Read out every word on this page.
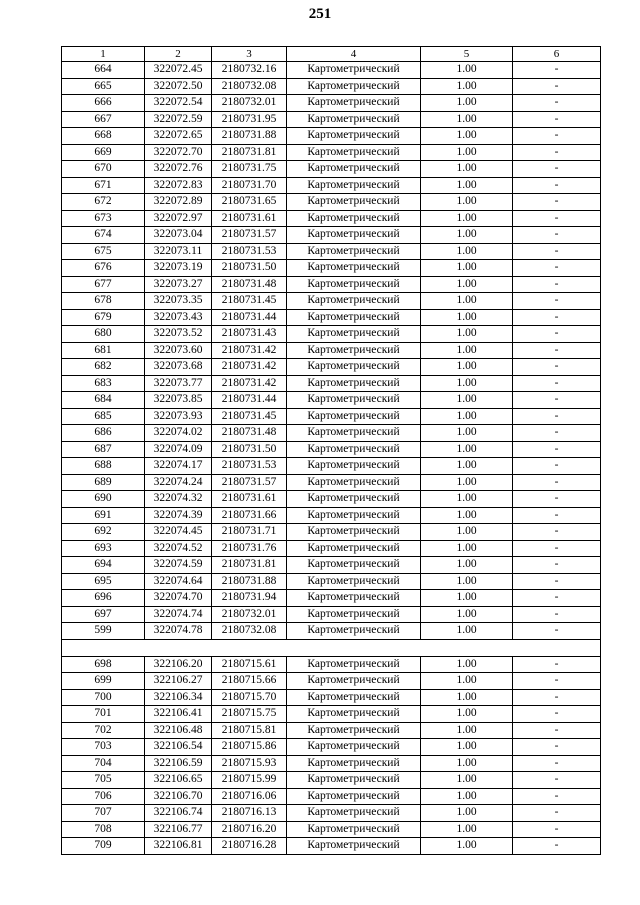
251
1	2	3	4	5	6
664	322072.45	2180732.16	Картометрический	1.00	-
665	322072.50	2180732.08	Картометрический	1.00	-
666	322072.54	2180732.01	Картометрический	1.00	-
667	322072.59	2180731.95	Картометрический	1.00	-
668	322072.65	2180731.88	Картометрический	1.00	-
669	322072.70	2180731.81	Картометрический	1.00	-
670	322072.76	2180731.75	Картометрический	1.00	-
671	322072.83	2180731.70	Картометрический	1.00	-
672	322072.89	2180731.65	Картометрический	1.00	-
673	322072.97	2180731.61	Картометрический	1.00	-
674	322073.04	2180731.57	Картометрический	1.00	-
675	322073.11	2180731.53	Картометрический	1.00	-
676	322073.19	2180731.50	Картометрический	1.00	-
677	322073.27	2180731.48	Картометрический	1.00	-
678	322073.35	2180731.45	Картометрический	1.00	-
679	322073.43	2180731.44	Картометрический	1.00	-
680	322073.52	2180731.43	Картометрический	1.00	-
681	322073.60	2180731.42	Картометрический	1.00	-
682	322073.68	2180731.42	Картометрический	1.00	-
683	322073.77	2180731.42	Картометрический	1.00	-
684	322073.85	2180731.44	Картометрический	1.00	-
685	322073.93	2180731.45	Картометрический	1.00	-
686	322074.02	2180731.48	Картометрический	1.00	-
687	322074.09	2180731.50	Картометрический	1.00	-
688	322074.17	2180731.53	Картометрический	1.00	-
689	322074.24	2180731.57	Картометрический	1.00	-
690	322074.32	2180731.61	Картометрический	1.00	-
691	322074.39	2180731.66	Картометрический	1.00	-
692	322074.45	2180731.71	Картометрический	1.00	-
693	322074.52	2180731.76	Картометрический	1.00	-
694	322074.59	2180731.81	Картометрический	1.00	-
695	322074.64	2180731.88	Картометрический	1.00	-
696	322074.70	2180731.94	Картометрический	1.00	-
697	322074.74	2180732.01	Картометрический	1.00	-
599	322074.78	2180732.08	Картометрический	1.00	-

698	322106.20	2180715.61	Картометрический	1.00	-
699	322106.27	2180715.66	Картометрический	1.00	-
700	322106.34	2180715.70	Картометрический	1.00	-
701	322106.41	2180715.75	Картометрический	1.00	-
702	322106.48	2180715.81	Картометрический	1.00	-
703	322106.54	2180715.86	Картометрический	1.00	-
704	322106.59	2180715.93	Картометрический	1.00	-
705	322106.65	2180715.99	Картометрический	1.00	-
706	322106.70	2180716.06	Картометрический	1.00	-
707	322106.74	2180716.13	Картометрический	1.00	-
708	322106.77	2180716.20	Картометрический	1.00	-
709	322106.81	2180716.28	Картометрический	1.00	-
